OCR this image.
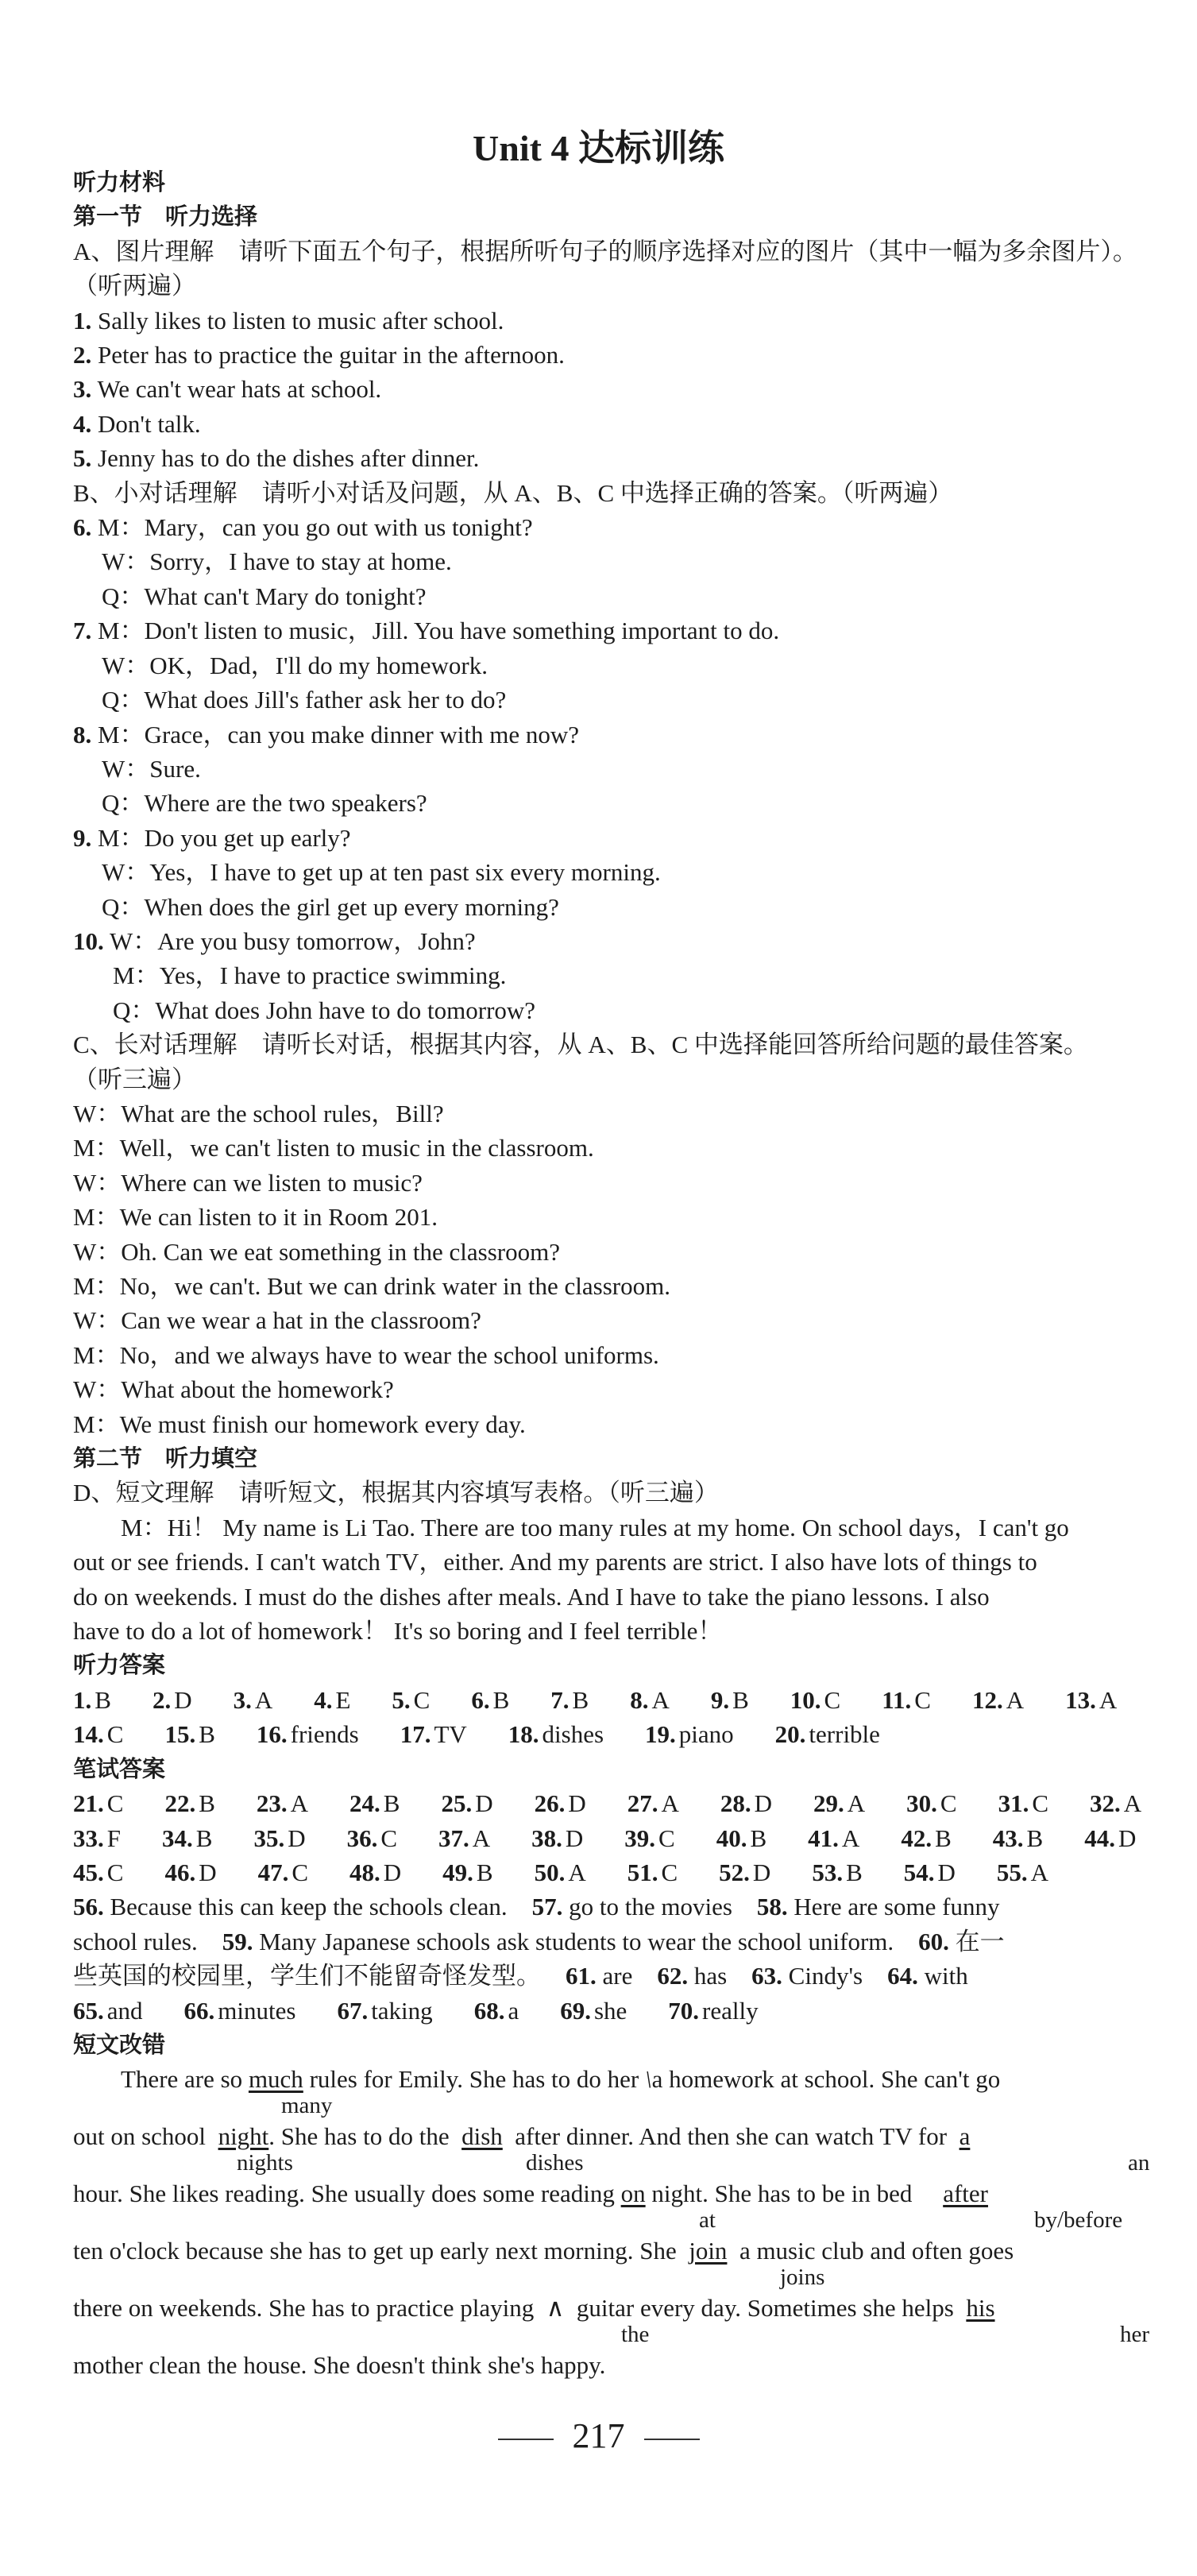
Unit 4 达标训练
听力材料
第一节　听力选择
A、图片理解　请听下面五个句子，根据所听句子的顺序选择对应的图片（其中一幅为多余图片）。（听两遍）
1. Sally likes to listen to music after school.
2. Peter has to practice the guitar in the afternoon.
3. We can't wear hats at school.
4. Don't talk.
5. Jenny has to do the dishes after dinner.
B、小对话理解　请听小对话及问题，从 A、B、C 中选择正确的答案。（听两遍）
6. M：Mary，can you go out with us tonight?
W：Sorry，I have to stay at home.
Q：What can't Mary do tonight?
7. M：Don't listen to music，Jill. You have something important to do.
W：OK，Dad，I'll do my homework.
Q：What does Jill's father ask her to do?
8. M：Grace，can you make dinner with me now?
W：Sure.
Q：Where are the two speakers?
9. M：Do you get up early?
W：Yes，I have to get up at ten past six every morning.
Q：When does the girl get up every morning?
10. W：Are you busy tomorrow，John?
M：Yes，I have to practice swimming.
Q：What does John have to do tomorrow?
C、长对话理解　请听长对话，根据其内容，从 A、B、C 中选择能回答所给问题的最佳答案。
（听三遍）
W：What are the school rules，Bill?
M：Well，we can't listen to music in the classroom.
W：Where can we listen to music?
M：We can listen to it in Room 201.
W：Oh. Can we eat something in the classroom?
M：No，we can't. But we can drink water in the classroom.
W：Can we wear a hat in the classroom?
M：No，and we always have to wear the school uniforms.
W：What about the homework?
M：We must finish our homework every day.
第二节　听力填空
D、短文理解　请听短文，根据其内容填写表格。（听三遍）
M：Hi！ My name is Li Tao. There are too many rules at my home. On school days，I can't go
out or see friends. I can't watch TV，either. And my parents are strict. I also have lots of things to
do on weekends. I must do the dishes after meals. And I have to take the piano lessons. I also
have to do a lot of homework！ It's so boring and I feel terrible！
听力答案
1. B 2. D 3. A 4. E 5. C 6. B 7. B 8. A 9. B 10. C 11. C 12. A 13. A
14. C 15. B 16. friends 17. TV 18. dishes 19. piano 20. terrible
笔试答案
21. C 22. B 23. A 24. B 25. D 26. D 27. A 28. D 29. A 30. C 31. C 32. A
33. F 34. B 35. D 36. C 37. A 38. D 39. C 40. B 41. A 42. B 43. B 44. D
45. C 46. D 47. C 48. D 49. B 50. A 51. C 52. D 53. B 54. D 55. A
56. Because this can keep the schools clean. 57. go to the movies 58. Here are some funny
school rules. 59. Many Japanese schools ask students to wear the school uniform. 60. 在一
些英国的校园里，学生们不能留奇怪发型。 61. are 62. has 63. Cindy's 64. with
65. and 66. minutes 67. taking 68. a 69. she 70. really
短文改错
There are so much rules for Emily. She has to do her \a homework at school. She can't go
many
out on school night. She has to do the dish after dinner. And then she can watch TV for a
nights	dishes	an
hour. She likes reading. She usually does some reading on night. She has to be in bed after
at	by/before
ten o'clock because she has to get up early next morning. She join a music club and often goes
joins
there on weekends. She has to practice playing ∧ guitar every day. Sometimes she helps his
the	her
mother clean the house. She doesn't think she's happy.
217
